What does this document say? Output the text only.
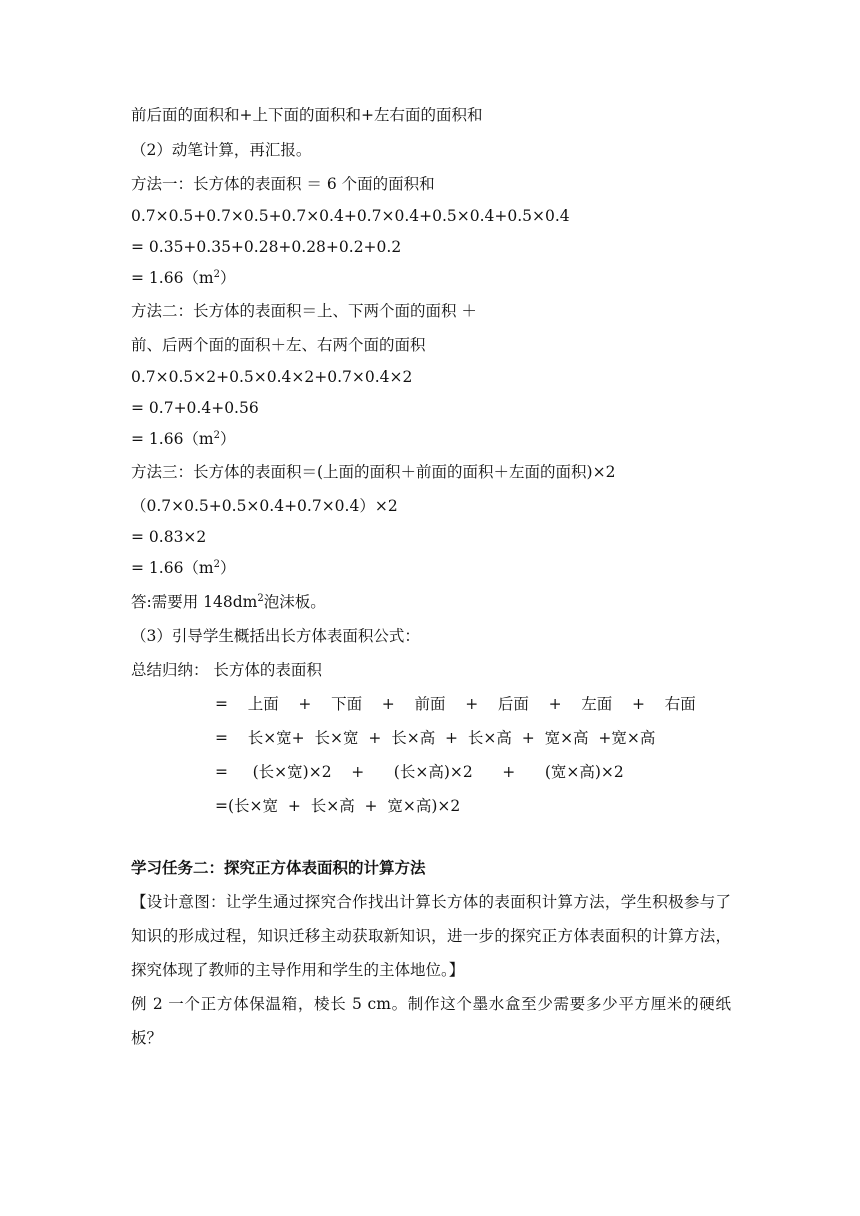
前后面的面积和+上下面的面积和+左右面的面积和
（2）动笔计算，再汇报。
方法一：长方体的表面积 ＝ 6 个面的面积和
0.7×0.5+0.7×0.5+0.7×0.4+0.7×0.4+0.5×0.4+0.5×0.4
= 0.35+0.35+0.28+0.28+0.2+0.2
= $1.66(m^2)$
方法二：长方体的表面积＝上、下两个面的面积 ＋
前、后两个面的面积＋左、右两个面的面积
0.7×0.5×2+0.5×0.4×2+0.7×0.4×2
= 0.7+0.4+0.56
= $1.66(m^2)$
方法三：长方体的表面积＝(上面的面积＋前面的面积＋左面的面积)×2
（0.7×0.5+0.5×0.4+0.7×0.4）×2
= 0.83×2
= $1.66(m^2)$
答:需要用 $148dm^2$泡沫板。
（3）引导学生概括出长方体表面积公式：
总结归纳： 长方体的表面积
=    上面    +    下面    +    前面    +    后面    +    左面    +    右面
=    长×宽+  长×宽  +  长×高  +  长×高  +  宽×高  +宽×高
=     (长×宽)×2    +      (长×高)×2      +      (宽×高)×2
=(长×宽  +  长×高  +  宽×高)×2
学习任务二：探究正方体表面积的计算方法
【设计意图：让学生通过探究合作找出计算长方体的表面积计算方法，学生积极参与了知识的形成过程，知识迁移主动获取新知识，进一步的探究正方体表面积的计算方法，探究体现了教师的主导作用和学生的主体地位。】
例 2 一个正方体保温箱，棱长 5 cm。制作这个墨水盒至少需要多少平方厘米的硬纸板？
